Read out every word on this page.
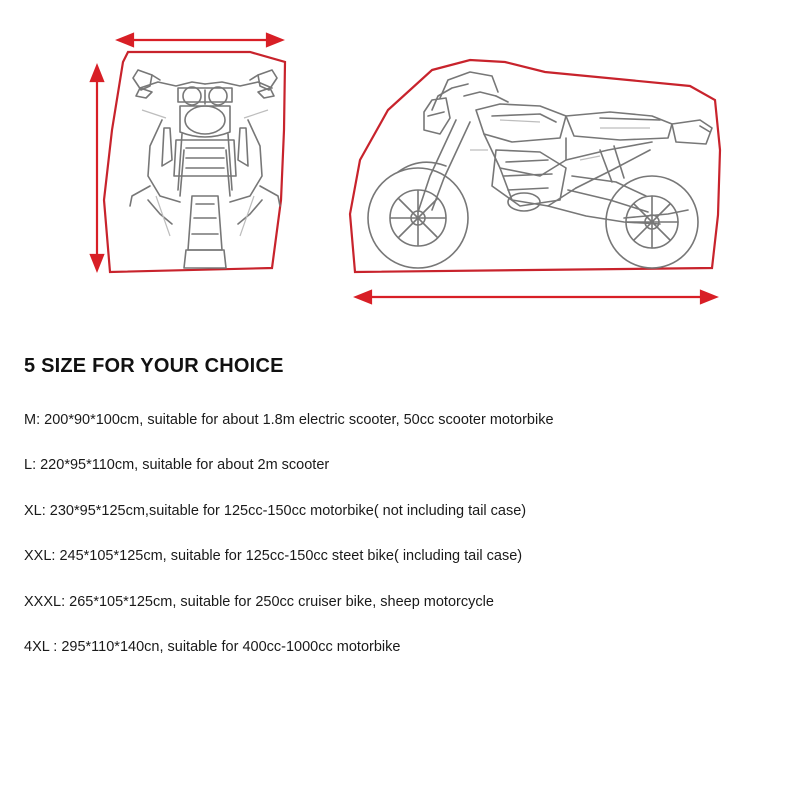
5 SIZE FOR YOUR CHOICE

M: 200*90*100cm, suitable for about 1.8m electric scooter, 50cc scooter motorbike

L: 220*95*110cm, suitable for about 2m scooter

XL: 230*95*125cm,suitable for 125cc-150cc motorbike( not including tail case)

XXL: 245*105*125cm, suitable for 125cc-150cc steet bike( including tail case)

XXXL: 265*105*125cm, suitable for 250cc cruiser bike, sheep motorcycle

4XL : 295*110*140cn, suitable for 400cc-1000cc motorbike
